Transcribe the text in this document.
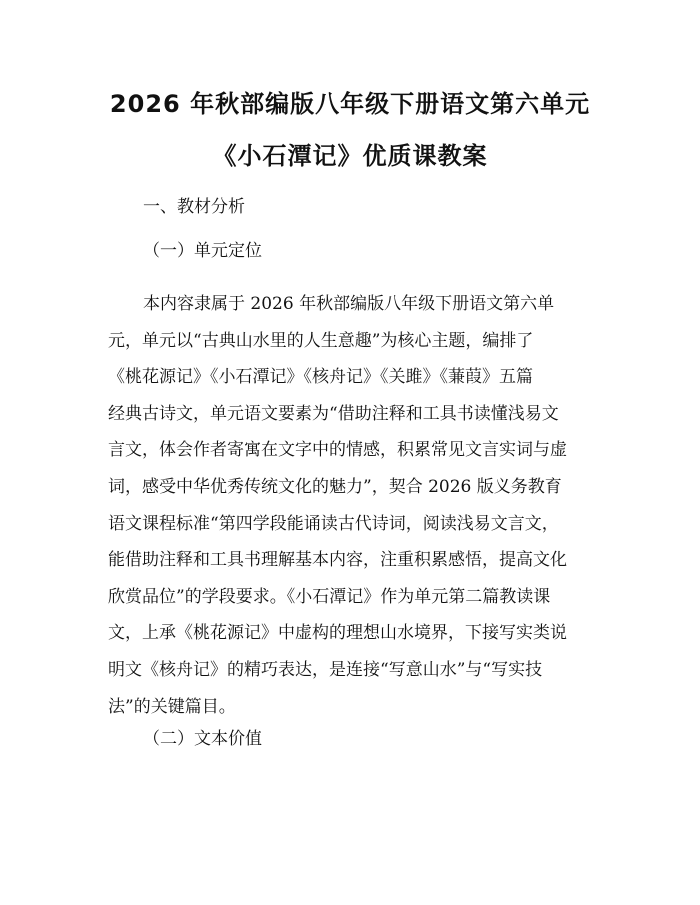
2026 年秋部编版八年级下册语文第六单元
《小石潭记》优质课教案
一、教材分析
（一）单元定位
本内容隶属于 2026 年秋部编版八年级下册语文第六单
元，单元以“古典山水里的人生意趣”为核心主题，编排了
《桃花源记》《小石潭记》《核舟记》《关雎》《蒹葭》五篇
经典古诗文，单元语文要素为“借助注释和工具书读懂浅易文
言文，体会作者寄寓在文字中的情感，积累常见文言实词与虚
词，感受中华优秀传统文化的魅力”，契合 2026 版义务教育
语文课程标准“第四学段能诵读古代诗词，阅读浅易文言文，
能借助注释和工具书理解基本内容，注重积累感悟，提高文化
欣赏品位”的学段要求。《小石潭记》作为单元第二篇教读课
文，上承《桃花源记》中虚构的理想山水境界，下接写实类说
明文《核舟记》的精巧表达，是连接“写意山水”与“写实技
法”的关键篇目。
（二）文本价值
